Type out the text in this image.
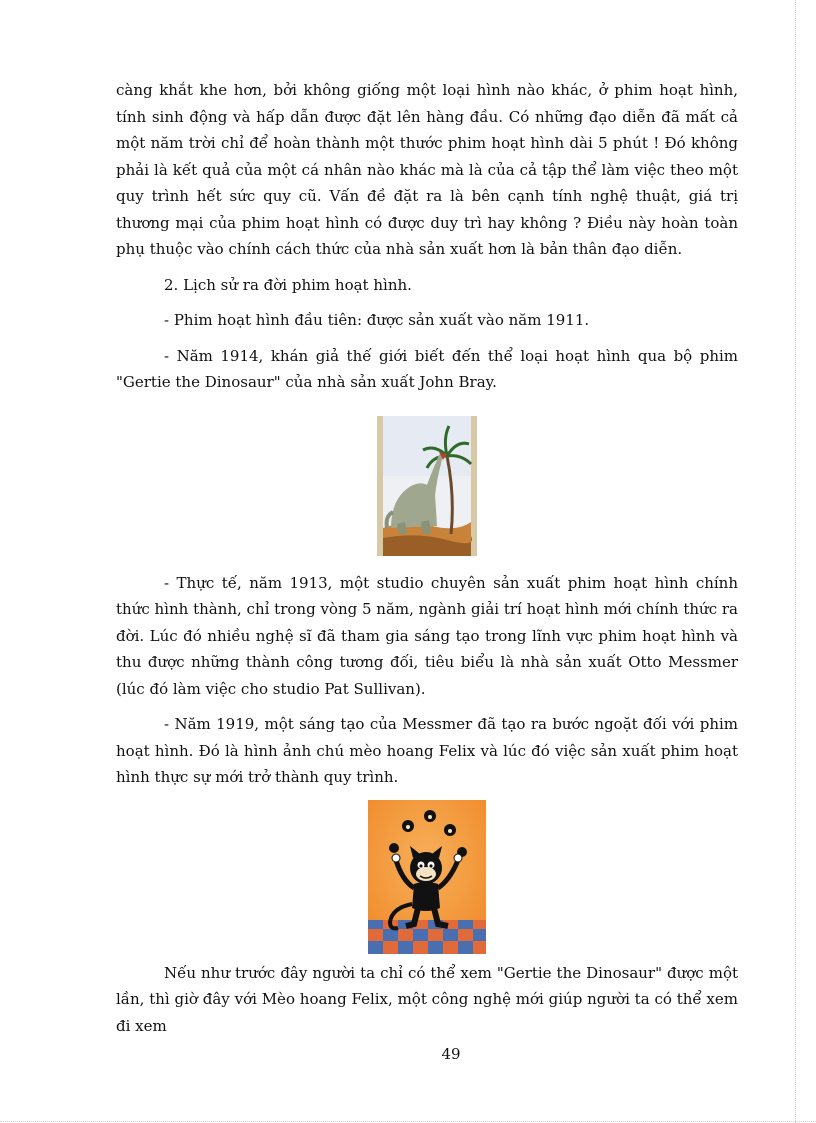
càng khắt khe hơn, bởi không giống một loại hình nào khác, ở phim hoạt hình, tính sinh động và hấp dẫn được đặt lên hàng đầu. Có những đạo diễn đã mất cả một năm trời chỉ để hoàn thành một thước phim hoạt hình dài 5 phút ! Đó không phải là kết quả của một cá nhân nào khác mà là của cả tập thể làm việc theo một quy trình hết sức quy cũ. Vấn đề đặt ra là bên cạnh tính nghệ thuật, giá trị thương mại của phim hoạt hình có được duy trì hay không ? Điều này hoàn toàn phụ thuộc vào chính cách thức của nhà sản xuất hơn là bản thân đạo diễn.

2. Lịch sử ra đời phim hoạt hình.

- Phim hoạt hình đầu tiên: được sản xuất vào năm 1911.

- Năm 1914, khán giả thế giới biết đến thể loại hoạt hình qua bộ phim "Gertie the Dinosaur" của nhà sản xuất John Bray.

- Thực tế, năm 1913, một studio chuyên sản xuất phim hoạt hình chính thức hình thành, chỉ trong vòng 5 năm, ngành giải trí hoạt hình mới chính thức ra đời. Lúc đó nhiều nghệ sĩ đã tham gia sáng tạo trong lĩnh vực phim hoạt hình và thu được những thành công tương đối, tiêu biểu là nhà sản xuất Otto Messmer (lúc đó làm việc cho studio Pat Sullivan).

- Năm 1919, một sáng tạo của Messmer đã tạo ra bước ngoặt đối với phim hoạt hình. Đó là hình ảnh chú mèo hoang Felix và lúc đó việc sản xuất phim hoạt hình thực sự mới trở thành quy trình.

Nếu như trước đây người ta chỉ có thể xem "Gertie the Dinosaur" được một lần, thì giờ đây với Mèo hoang Felix, một công nghệ mới giúp người ta có thể xem đi xem

49
